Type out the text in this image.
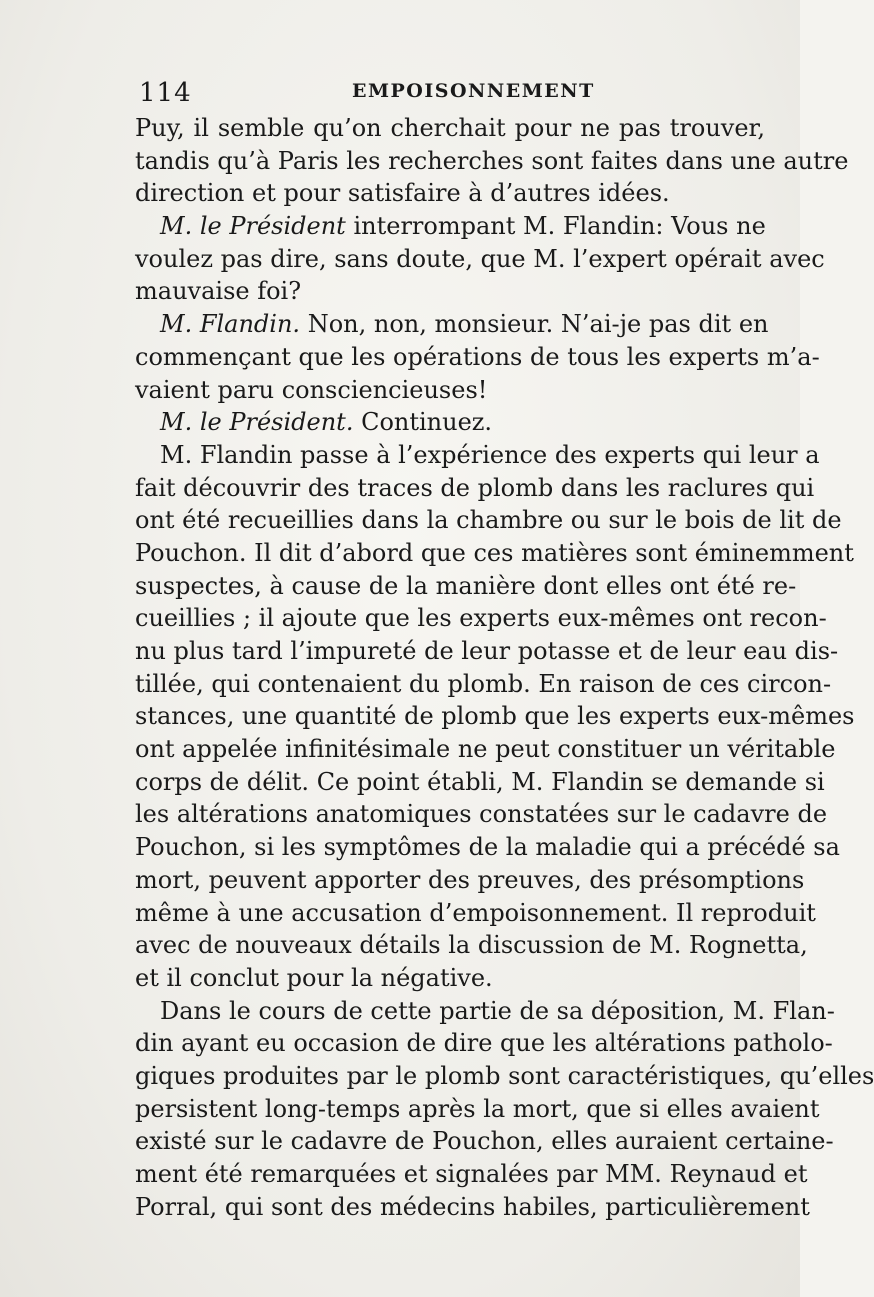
114	EMPOISONNEMENT
Puy, il semble qu’on cherchait pour ne pas trouver,
tandis qu’à Paris les recherches sont faites dans une autre
direction et pour satisfaire à d’autres idées.
M. le Président interrompant M. Flandin: Vous ne
voulez pas dire, sans doute, que M. l’expert opérait avec
mauvaise foi?
M. Flandin. Non, non, monsieur. N’ai-je pas dit en
commençant que les opérations de tous les experts m’a-
vaient paru consciencieuses!
M. le Président. Continuez.
M. Flandin passe à l’expérience des experts qui leur a
fait découvrir des traces de plomb dans les raclures qui
ont été recueillies dans la chambre ou sur le bois de lit de
Pouchon. Il dit d’abord que ces matières sont éminemment
suspectes, à cause de la manière dont elles ont été re-
cueillies ; il ajoute que les experts eux-mêmes ont recon-
nu plus tard l’impureté de leur potasse et de leur eau dis-
tillée, qui contenaient du plomb. En raison de ces circon-
stances, une quantité de plomb que les experts eux-mêmes
ont appelée infinitésimale ne peut constituer un véritable
corps de délit. Ce point établi, M. Flandin se demande si
les altérations anatomiques constatées sur le cadavre de
Pouchon, si les symptômes de la maladie qui a précédé sa
mort, peuvent apporter des preuves, des présomptions
même à une accusation d’empoisonnement. Il reproduit
avec de nouveaux détails la discussion de M. Rognetta,
et il conclut pour la négative.
Dans le cours de cette partie de sa déposition, M. Flan-
din ayant eu occasion de dire que les altérations patholo-
giques produites par le plomb sont caractéristiques, qu’elles
persistent long-temps après la mort, que si elles avaient
existé sur le cadavre de Pouchon, elles auraient certaine-
ment été remarquées et signalées par MM. Reynaud et
Porral, qui sont des médecins habiles, particulièrement
